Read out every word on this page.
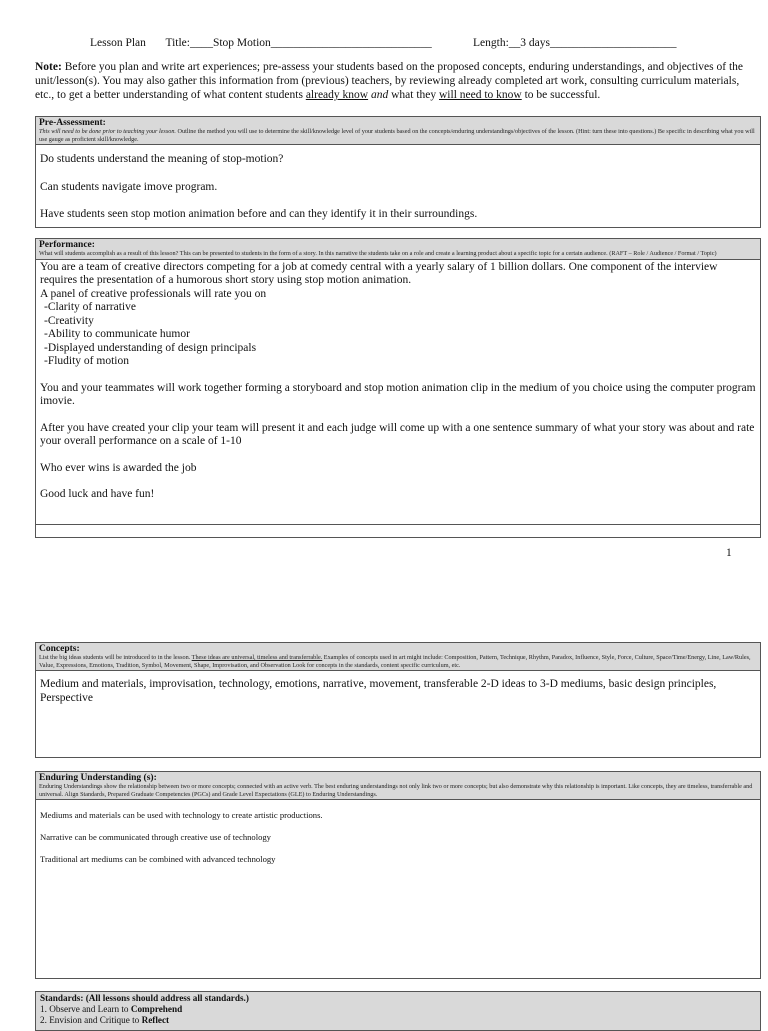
Lesson Plan Title:____Stop Motion____________________________	Length:__3 days______________________
Note: Before you plan and write art experiences; pre-assess your students based on the proposed concepts, enduring understandings, and objectives of the unit/lesson(s). You may also gather this information from (previous) teachers, by reviewing already completed art work, consulting curriculum materials, etc., to get a better understanding of what content students already know​ and what they will need to know to be successful.
Pre-Assessment:
This will need to be done prior to teaching your lesson. Outline the method you will use to determine the skill/knowledge level of your students based on the concepts/enduring understandings/objectives of the lesson. (Hint: turn these into questions.) Be specific in describing what you will use gauge as proficient skill/knowledge.

Do students understand the meaning of stop-motion?

Can students navigate imove program.

Have students seen stop motion animation before and can they identify it in their surroundings.

Performance:
What will students accomplish as a result of this lesson? This can be presented to students in the form of a story. In this narrative the students take on a role and create a learning product about a specific topic for a certain audience. (RAFT – Role / Audience / Format / Topic)

You are a team of creative directors competing for a job at comedy central with a yearly salary of 1 billion dollars. One component of the interview requires the presentation of a humorous short story using stop motion animation.

A panel of creative professionals will rate you on

-Clarity of narrative

-Creativity

-Ability to communicate humor

-Displayed understanding of design principals

-Fludity of motion

You and your teammates will work together forming a storyboard and stop motion animation clip in the medium of you choice using the computer program imovie.

After you have created your clip your team will present it and each judge will come up with a one sentence summary of what your story was about and rate your overall performance on a scale of 1-10

Who ever wins is awarded the job

Good luck and have fun!

1
Concepts:
List the big ideas students will be introduced to in the lesson. These ideas are universal, timeless and transferrable. Examples of concepts used in art might include: Composition, Pattern, Technique, Rhythm, Paradox, Influence, Style, Force, Culture, Space/Time/Energy, Line, Law/Rules, Value, Expressions, Emotions, Tradition, Symbol, Movement, Shape, Improvisation, and Observation Look for concepts in the standards, content specific curriculum, etc.

Medium and materials, improvisation, technology, emotions, narrative, movement, transferable 2-D ideas to 3-D mediums, basic design principles, Perspective

Enduring Understanding (s):
Enduring Understandings show the relationship between two or more concepts; connected with an active verb. The best enduring understandings not only link two or more concepts; but also demonstrate why this relationship is important. Like concepts, they are timeless, transferrable and universal. Align Standards, Prepared Graduate Competencies (PGCs) and Grade Level Expectations (GLE) to Enduring Understandings.

Mediums and materials can be used with technology to create artistic productions.

Narrative can be communicated through creative use of technology

Traditional art mediums can be combined with advanced technology

Standards: (All lessons should address all standards.)
1. Observe and Learn to Comprehend
2. Envision and Critique to Reflect
